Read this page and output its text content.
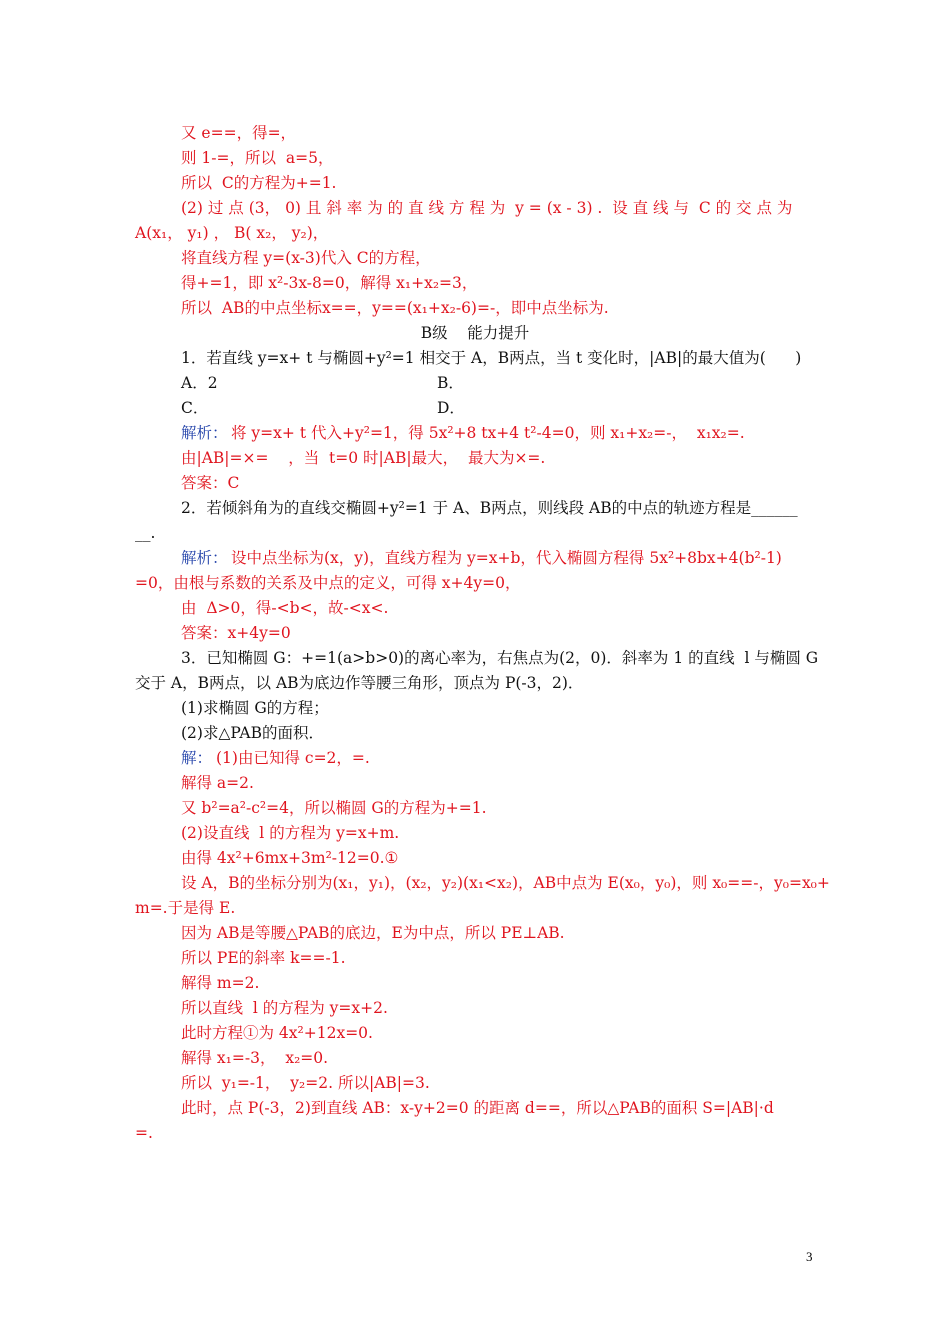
又 e==，得=，
则 1-=，所以  a=5，
所以  C的方程为+=1.
(2) 过 点 (3， 0) 且 斜 率 为 的 直 线 方 程 为  y = (x - 3) .  设 直 线 与  C 的 交 点 为
A(x₁， y₁) ， B( x₂， y₂)，
将直线方程 y=(x-3)代入 C的方程，
得+=1，即 x²-3x-8=0，解得 x₁+x₂=3，
所以  AB的中点坐标x==，y==(x₁+x₂-6)=-，即中点坐标为.
B级    能力提升
1．若直线 y=x+ t 与椭圆+y²=1 相交于 A，B两点，当 t 变化时，|AB|的最大值为(      )
A．2	B．
C．	D．
解析： 将 y=x+ t 代入+y²=1，得 5x²+8 tx+4 t²-4=0，则 x₁+x₂=-，  x₁x₂=.
由|AB|=×=    ，当  t=0 时|AB|最大，  最大为×=.
答案：C
2．若倾斜角为的直线交椭圆+y²=1 于 A、B两点，则线段 AB的中点的轨迹方程是______
__.
解析： 设中点坐标为(x，y)，直线方程为 y=x+b，代入椭圆方程得 5x²+8bx+4(b²-1)
=0，由根与系数的关系及中点的定义，可得 x+4y=0，
由  Δ>0，得-<b<，故-<x<.
答案：x+4y=0
3．已知椭圆 G：+=1(a>b>0)的离心率为，右焦点为(2，0)．斜率为 1 的直线  l 与椭圆 G
交于 A，B两点，以 AB为底边作等腰三角形，顶点为 P(-3，2)．
(1)求椭圆 G的方程；
(2)求△PAB的面积．
解： (1)由已知得 c=2，=.
解得 a=2.
又 b²=a²-c²=4，所以椭圆 G的方程为+=1.
(2)设直线  l 的方程为 y=x+m.
由得 4x²+6mx+3m²-12=0.①
设 A，B的坐标分别为(x₁，y₁)，(x₂，y₂)(x₁<x₂)，AB中点为 E(x₀，y₀)，则 x₀==-，y₀=x₀+
m=.于是得 E.
因为 AB是等腰△PAB的底边，E为中点，所以 PE⊥AB.
所以 PE的斜率 k==-1.
解得 m=2.
所以直线  l 的方程为 y=x+2.
此时方程①为 4x²+12x=0.
解得 x₁=-3，  x₂=0.
所以  y₁=-1，  y₂=2. 所以|AB|=3.
此时，点 P(-3，2)到直线 AB：x-y+2=0 的距离 d==，所以△PAB的面积 S=|AB|·d
=.
3
